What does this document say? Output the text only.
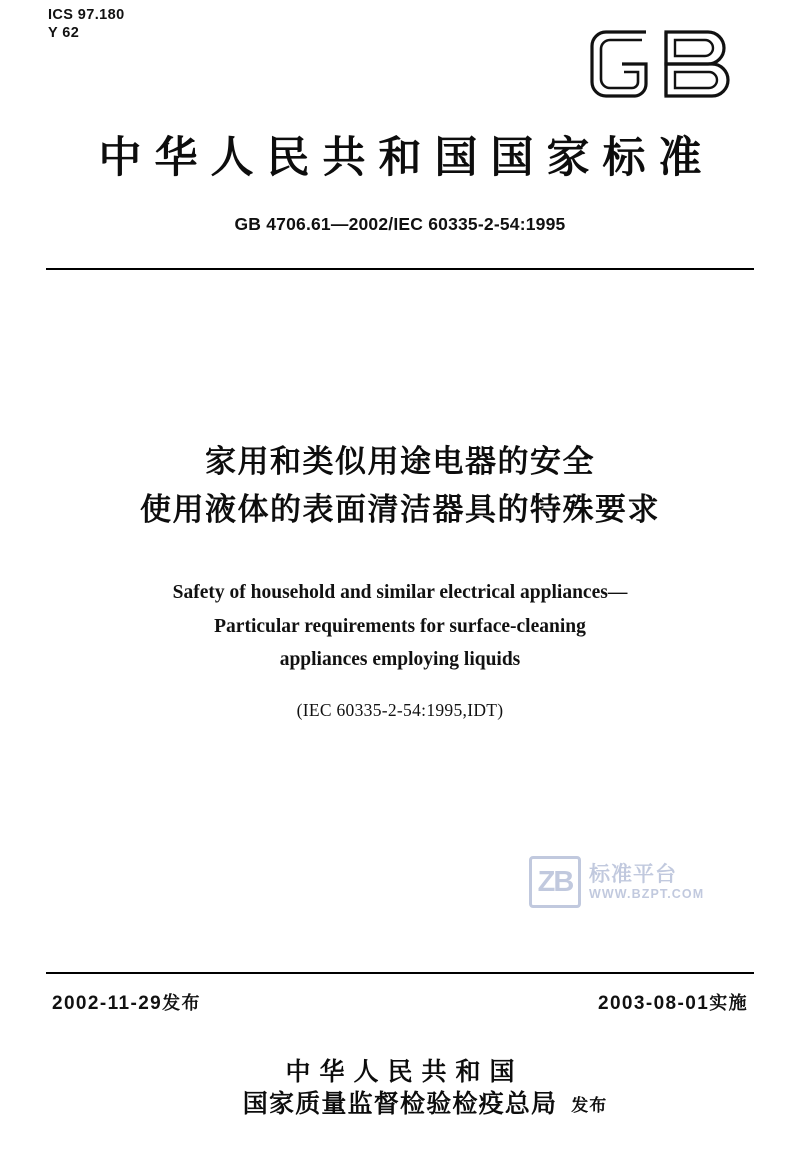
ICS 97.180
Y 62
中华人民共和国国家标准
GB 4706.61—2002/IEC 60335-2-54:1995
家用和类似用途电器的安全
使用液体的表面清洁器具的特殊要求
Safety of household and similar electrical appliances—
Particular requirements for surface-cleaning
appliances employing liquids
(IEC 60335-2-54:1995,IDT)
ZB 标准平台
WWW.BZPT.COM
2002-11-29发布	2003-08-01实施
中华人民共和国
国家质量监督检验检疫总局 发布
